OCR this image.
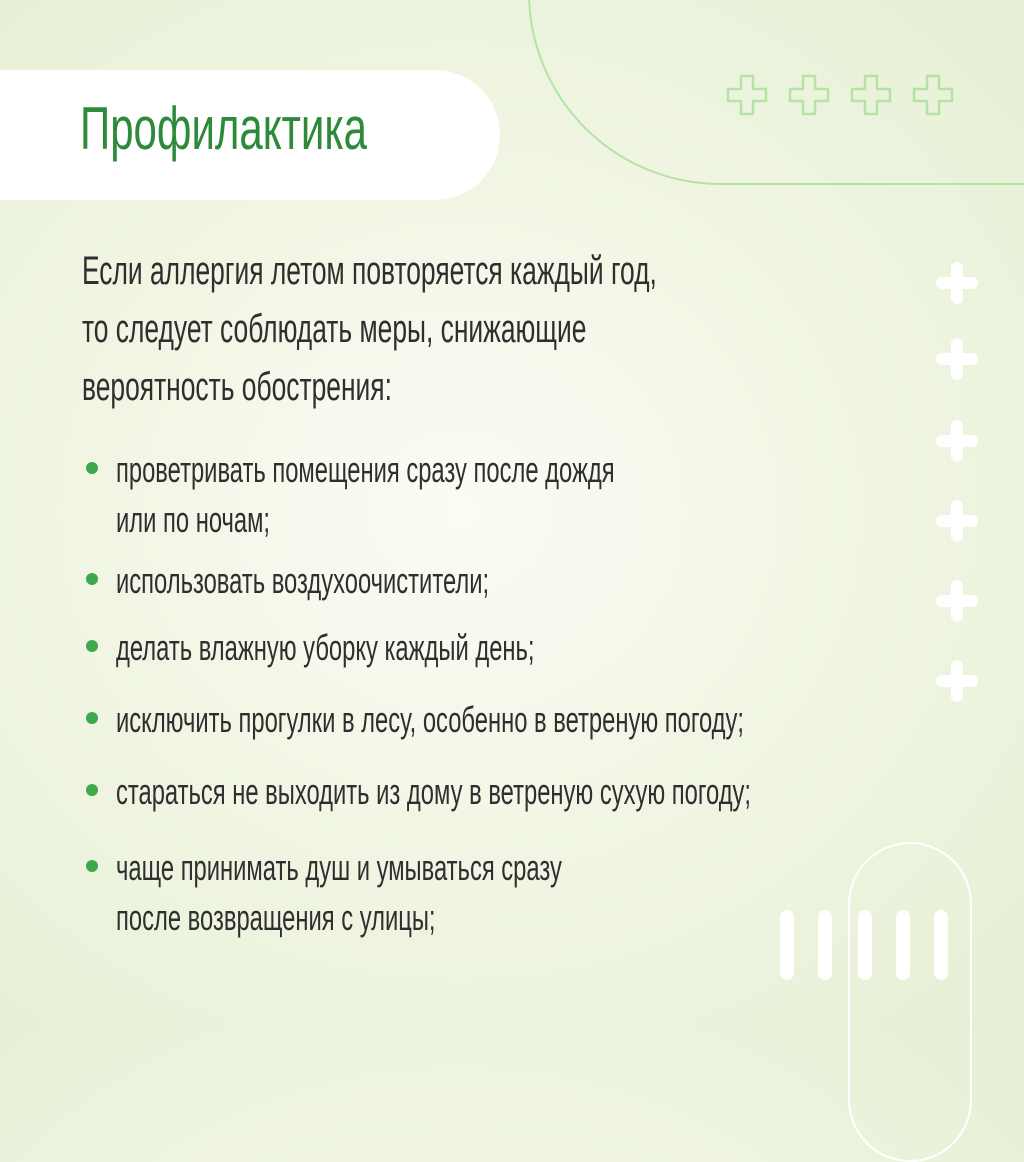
Профилактика

Если аллергия летом повторяется каждый год,
то следует соблюдать меры, снижающие
вероятность обострения:

проветривать помещения сразу после дождя
или по ночам;

использовать воздухоочистители;

делать влажную уборку каждый день;

исключить прогулки в лесу, особенно в ветреную погоду;

стараться не выходить из дому в ветреную сухую погоду;

чаще принимать душ и умываться сразу
после возвращения с улицы;
